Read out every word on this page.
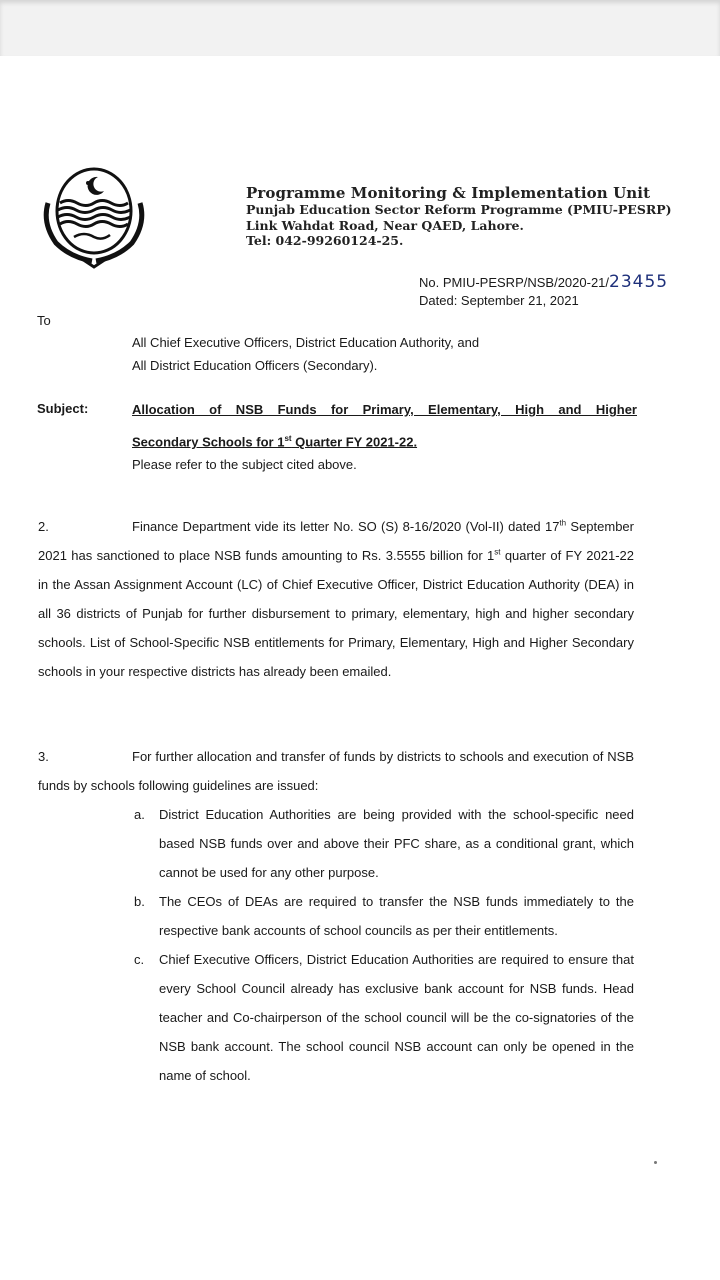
Programme Monitoring & Implementation Unit
Punjab Education Sector Reform Programme (PMIU-PESRP)
Link Wahdat Road, Near QAED, Lahore.
Tel: 042-99260124-25.
No. PMIU-PESRP/NSB/2020-21/23455
Dated: September 21, 2021
To
All Chief Executive Officers, District Education Authority, and
All District Education Officers (Secondary).
Subject:	Allocation of NSB Funds for Primary, Elementary, High and Higher
Secondary Schools for 1st Quarter FY 2021-22.
Please refer to the subject cited above.
2.	Finance Department vide its letter No. SO (S) 8-16/2020 (Vol-II) dated 17th September 2021 has sanctioned to place NSB funds amounting to Rs. 3.5555 billion for 1st quarter of FY 2021-22 in the Assan Assignment Account (LC) of Chief Executive Officer, District Education Authority (DEA) in all 36 districts of Punjab for further disbursement to primary, elementary, high and higher secondary schools. List of School-Specific NSB entitlements for Primary, Elementary, High and Higher Secondary schools in your respective districts has already been emailed.
3.	For further allocation and transfer of funds by districts to schools and execution of NSB funds by schools following guidelines are issued:
a. District Education Authorities are being provided with the school-specific need based NSB funds over and above their PFC share, as a conditional grant, which cannot be used for any other purpose.
b. The CEOs of DEAs are required to transfer the NSB funds immediately to the respective bank accounts of school councils as per their entitlements.
c. Chief Executive Officers, District Education Authorities are required to ensure that every School Council already has exclusive bank account for NSB funds. Head teacher and Co-chairperson of the school council will be the co-signatories of the NSB bank account. The school council NSB account can only be opened in the name of school.
